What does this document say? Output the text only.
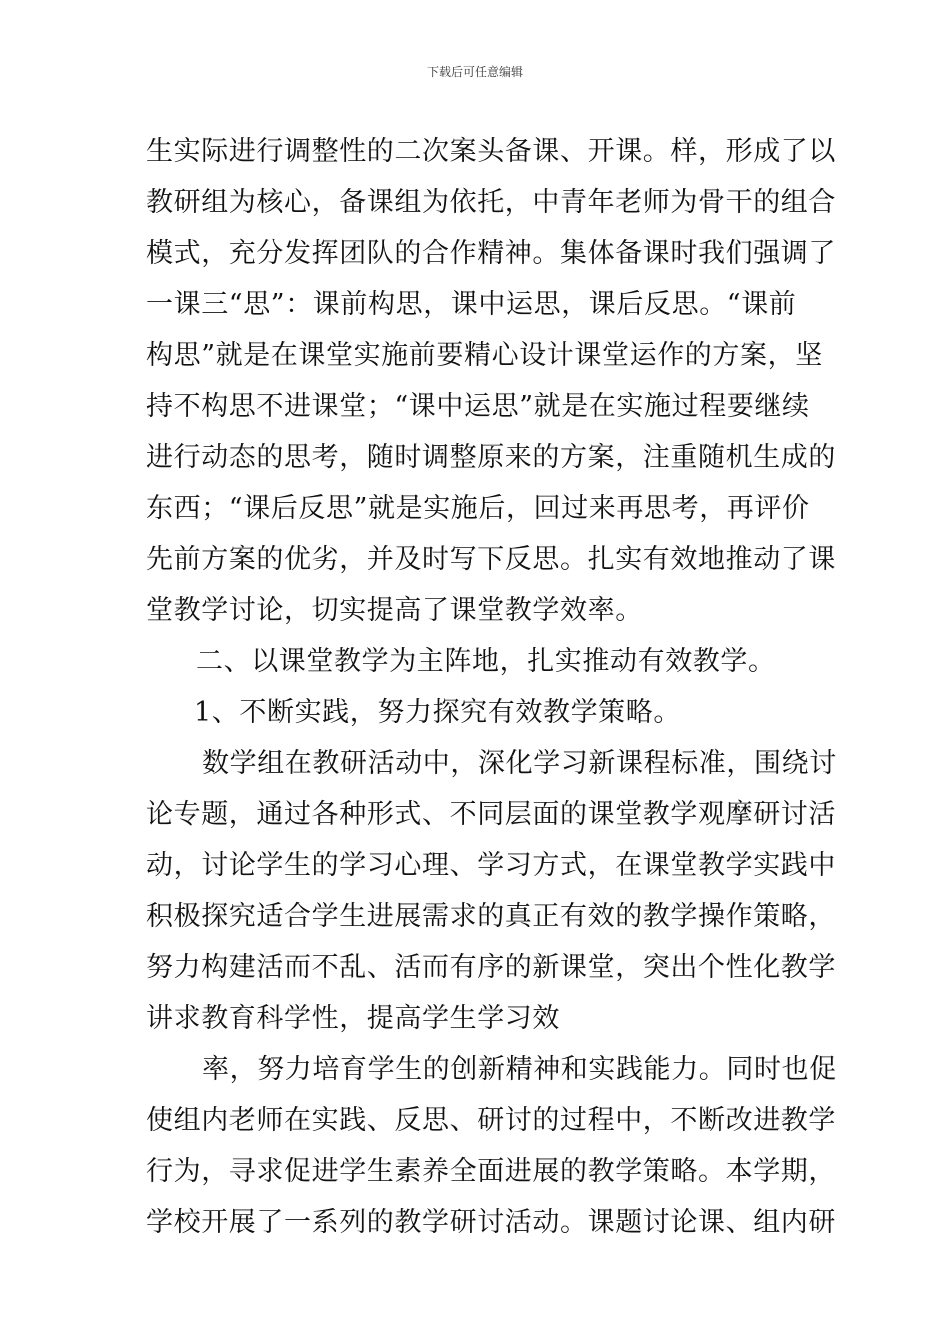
下载后可任意编辑
生实际进行调整性的二次案头备课、开课。样，形成了以
教研组为核心，备课组为依托，中青年老师为骨干的组合
模式，充分发挥团队的合作精神。集体备课时我们强调了
一课三“思”：课前构思，课中运思，课后反思。“课前
构思”就是在课堂实施前要精心设计课堂运作的方案，坚
持不构思不进课堂；“课中运思”就是在实施过程要继续
进行动态的思考，随时调整原来的方案，注重随机生成的
东西；“课后反思”就是实施后，回过来再思考，再评价
先前方案的优劣，并及时写下反思。扎实有效地推动了课
堂教学讨论，切实提高了课堂教学效率。
二、以课堂教学为主阵地，扎实推动有效教学。
1、不断实践，努力探究有效教学策略。
数学组在教研活动中，深化学习新课程标准，围绕讨
论专题，通过各种形式、不同层面的课堂教学观摩研讨活
动，讨论学生的学习心理、学习方式，在课堂教学实践中
积极探究适合学生进展需求的真正有效的教学操作策略，
努力构建活而不乱、活而有序的新课堂，突出个性化教学
讲求教育科学性，提高学生学习效
率，努力培育学生的创新精神和实践能力。同时也促
使组内老师在实践、反思、研讨的过程中，不断改进教学
行为，寻求促进学生素养全面进展的教学策略。本学期，
学校开展了一系列的教学研讨活动。课题讨论课、组内研
